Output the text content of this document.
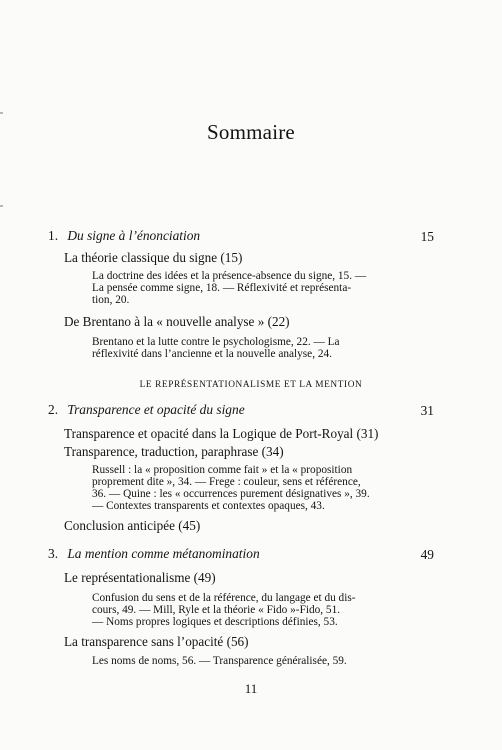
Sommaire
1. Du signe à l’énonciation	15
La théorie classique du signe (15)
La doctrine des idées et la présence-absence du signe, 15. —
La pensée comme signe, 18. — Réflexivité et représenta-
tion, 20.
De Brentano à la « nouvelle analyse » (22)
Brentano et la lutte contre le psychologisme, 22. — La
réflexivité dans l’ancienne et la nouvelle analyse, 24.
LE REPRÉSENTATIONALISME ET LA MENTION
2. Transparence et opacité du signe	31
Transparence et opacité dans la Logique de Port-Royal (31)
Transparence, traduction, paraphrase (34)
Russell : la « proposition comme fait » et la « proposition
proprement dite », 34. — Frege : couleur, sens et référence,
36. — Quine : les « occurrences purement désignatives », 39.
— Contextes transparents et contextes opaques, 43.
Conclusion anticipée (45)
3. La mention comme métanomination	49
Le représentationalisme (49)
Confusion du sens et de la référence, du langage et du dis-
cours, 49. — Mill, Ryle et la théorie « Fido »-Fido, 51.
— Noms propres logiques et descriptions définies, 53.
La transparence sans l’opacité (56)
Les noms de noms, 56. — Transparence généralisée, 59.
11
